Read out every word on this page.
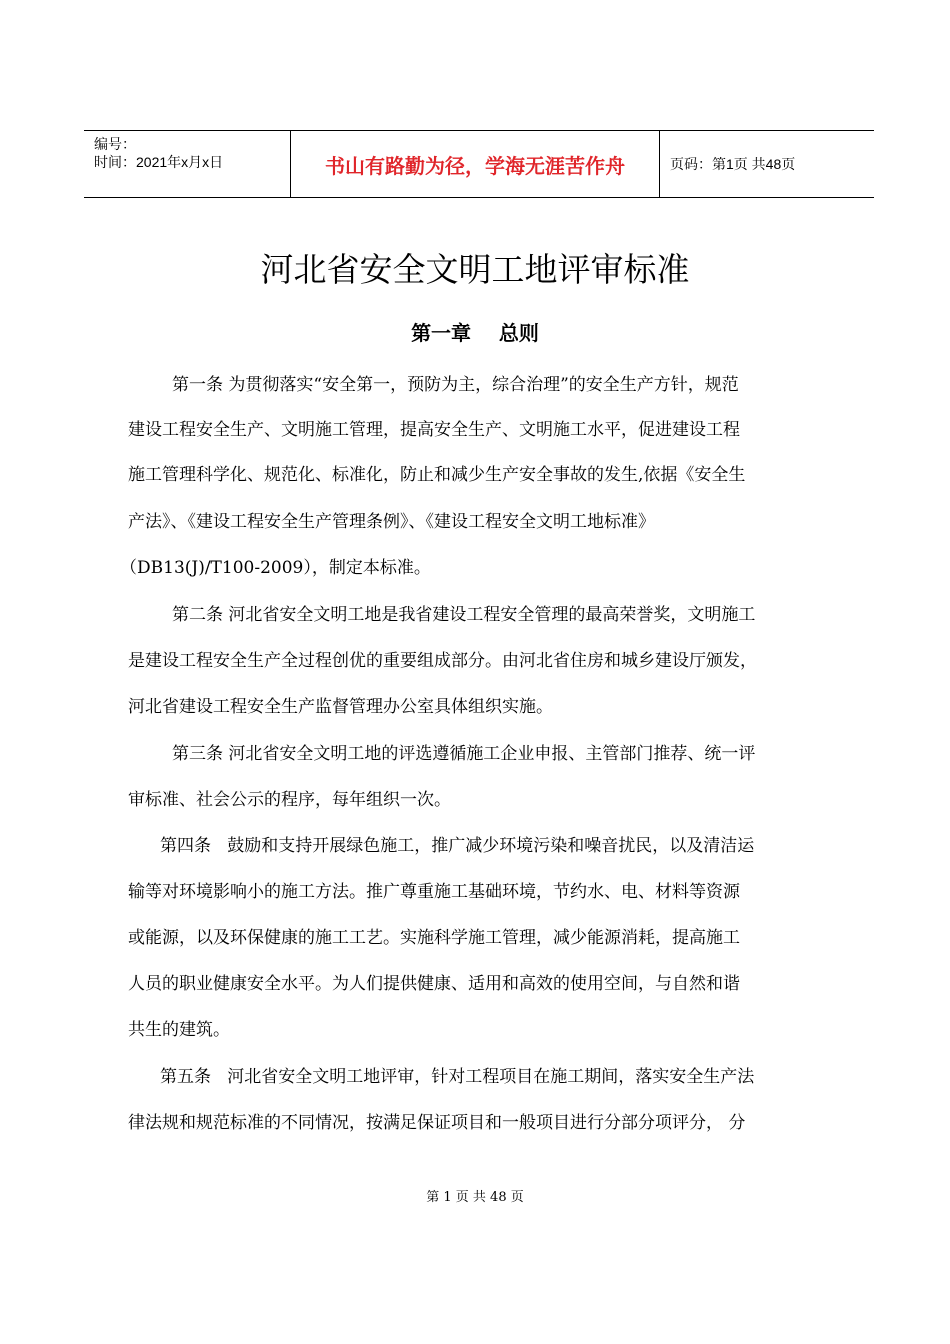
编号：
时间：2021年x月x日	书山有路勤为径，学海无涯苦作舟	页码：第1页 共48页
河北省安全文明工地评审标准
第一章    总则
第一条 为贯彻落实“安全第一，预防为主，综合治理”的安全生产方针，规范
建设工程安全生产、文明施工管理，提高安全生产、文明施工水平，促进建设工程
施工管理科学化、规范化、标准化，防止和减少生产安全事故的发生,依据《安全生
产法》、《建设工程安全生产管理条例》、《建设工程安全文明工地标准》
（DB13(J)/T100-2009），制定本标准。
第二条 河北省安全文明工地是我省建设工程安全管理的最高荣誉奖，文明施工
是建设工程安全生产全过程创优的重要组成部分。由河北省住房和城乡建设厅颁发，
河北省建设工程安全生产监督管理办公室具体组织实施。
第三条 河北省安全文明工地的评选遵循施工企业申报、主管部门推荐、统一评
审标准、社会公示的程序，每年组织一次。
第四条   鼓励和支持开展绿色施工，推广减少环境污染和噪音扰民，以及清洁运
输等对环境影响小的施工方法。推广尊重施工基础环境，节约水、电、材料等资源
或能源，以及环保健康的施工工艺。实施科学施工管理，减少能源消耗，提高施工
人员的职业健康安全水平。为人们提供健康、适用和高效的使用空间，与自然和谐
共生的建筑。
第五条   河北省安全文明工地评审，针对工程项目在施工期间，落实安全生产法
律法规和规范标准的不同情况，按满足保证项目和一般项目进行分部分项评分， 分
第 1 页 共 48 页
